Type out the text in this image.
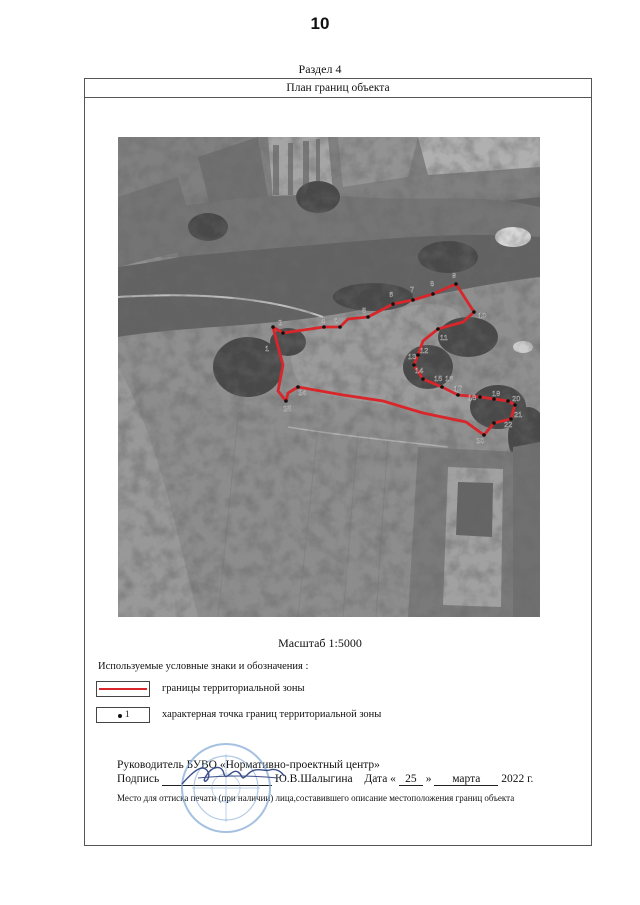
10
Раздел 4
План границ объекта
1
2	3
4
5
6
7
8
9
10
11
12
13
14
15 16
17
18 19
20
21
22
23
24
25
Масштаб 1:5000
Используемые условные знаки и обозначения :
границы территориальной зоны
1	характерная точка границ территориальной зоны
Руководитель БУВО «Нормативно-проектный центр»
Подпись	Ю.В.Шалыгина Дата « 25 » марта 2022 г.
Место для оттиска печати (при наличии) лица,составившего описание местоположения границ объекта
